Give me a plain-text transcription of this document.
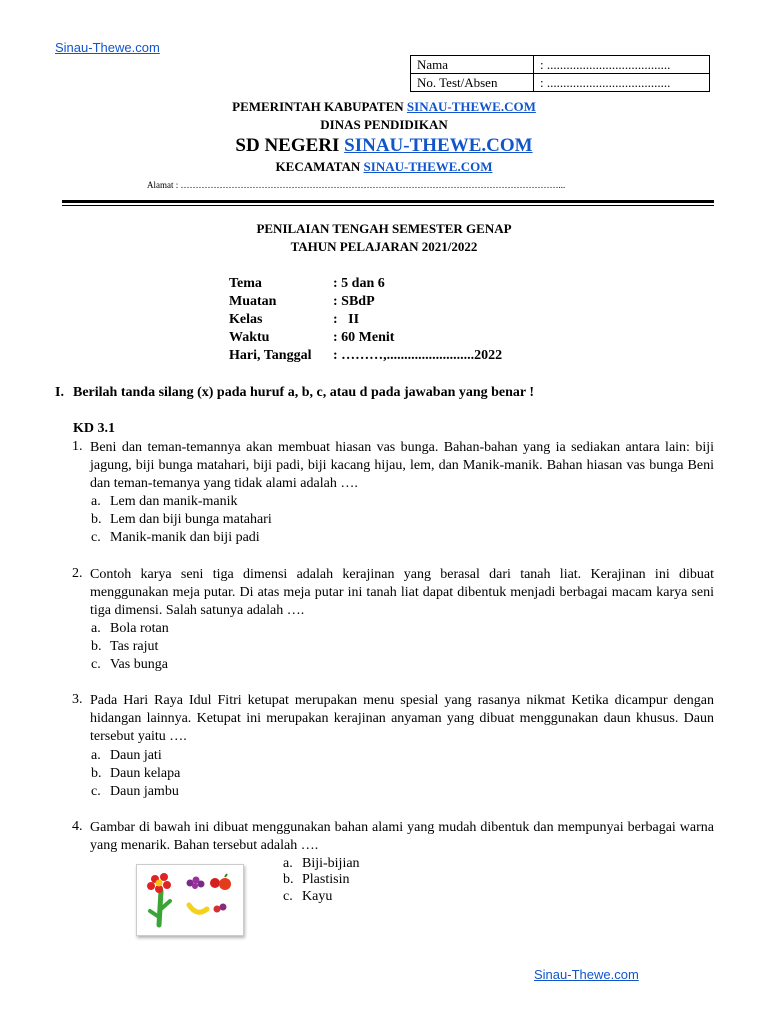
Sinau-Thewe.com
Nama	: ......................................
No. Test/Absen	: ......................................
PEMERINTAH KABUPATEN SINAU-THEWE.COM
DINAS PENDIDIKAN
SD NEGERI SINAU-THEWE.COM
KECAMATAN SINAU-THEWE.COM
Alamat : ………………………………………………………………………………………………………………...
PENILAIAN TENGAH SEMESTER GENAP
TAHUN PELAJARAN 2021/2022
Tema	: 5 dan 6
Muatan	: SBdP
Kelas	:   II
Waktu	: 60 Menit
Hari, Tanggal	: ………,.........................2022
I. Berilah tanda silang (x) pada huruf a, b, c, atau d pada jawaban yang benar !
KD 3.1
1. Beni dan teman-temannya akan membuat hiasan vas bunga. Bahan-bahan yang ia sediakan antara lain: biji jagung, biji bunga matahari, biji padi, biji kacang hijau, lem, dan Manik-manik. Bahan hiasan vas bunga Beni dan teman-temanya yang tidak alami adalah ….
a. Lem dan manik-manik
b. Lem dan biji bunga matahari
c. Manik-manik dan biji padi
2. Contoh karya seni tiga dimensi adalah kerajinan yang berasal dari tanah liat. Kerajinan ini dibuat menggunakan meja putar. Di atas meja putar ini tanah liat dapat dibentuk menjadi berbagai macam karya seni tiga dimensi. Salah satunya adalah ….
a. Bola rotan
b. Tas rajut
c. Vas bunga
3. Pada Hari Raya Idul Fitri ketupat merupakan menu spesial yang rasanya nikmat Ketika dicampur dengan hidangan lainnya. Ketupat ini merupakan kerajinan anyaman yang dibuat menggunakan daun khusus. Daun tersebut yaitu ….
a. Daun jati
b. Daun kelapa
c. Daun jambu
4. Gambar di bawah ini dibuat menggunakan bahan alami yang mudah dibentuk dan mempunyai berbagai warna yang menarik. Bahan tersebut adalah ….
a. Biji-bijian
b. Plastisin
c. Kayu
Sinau-Thewe.com
